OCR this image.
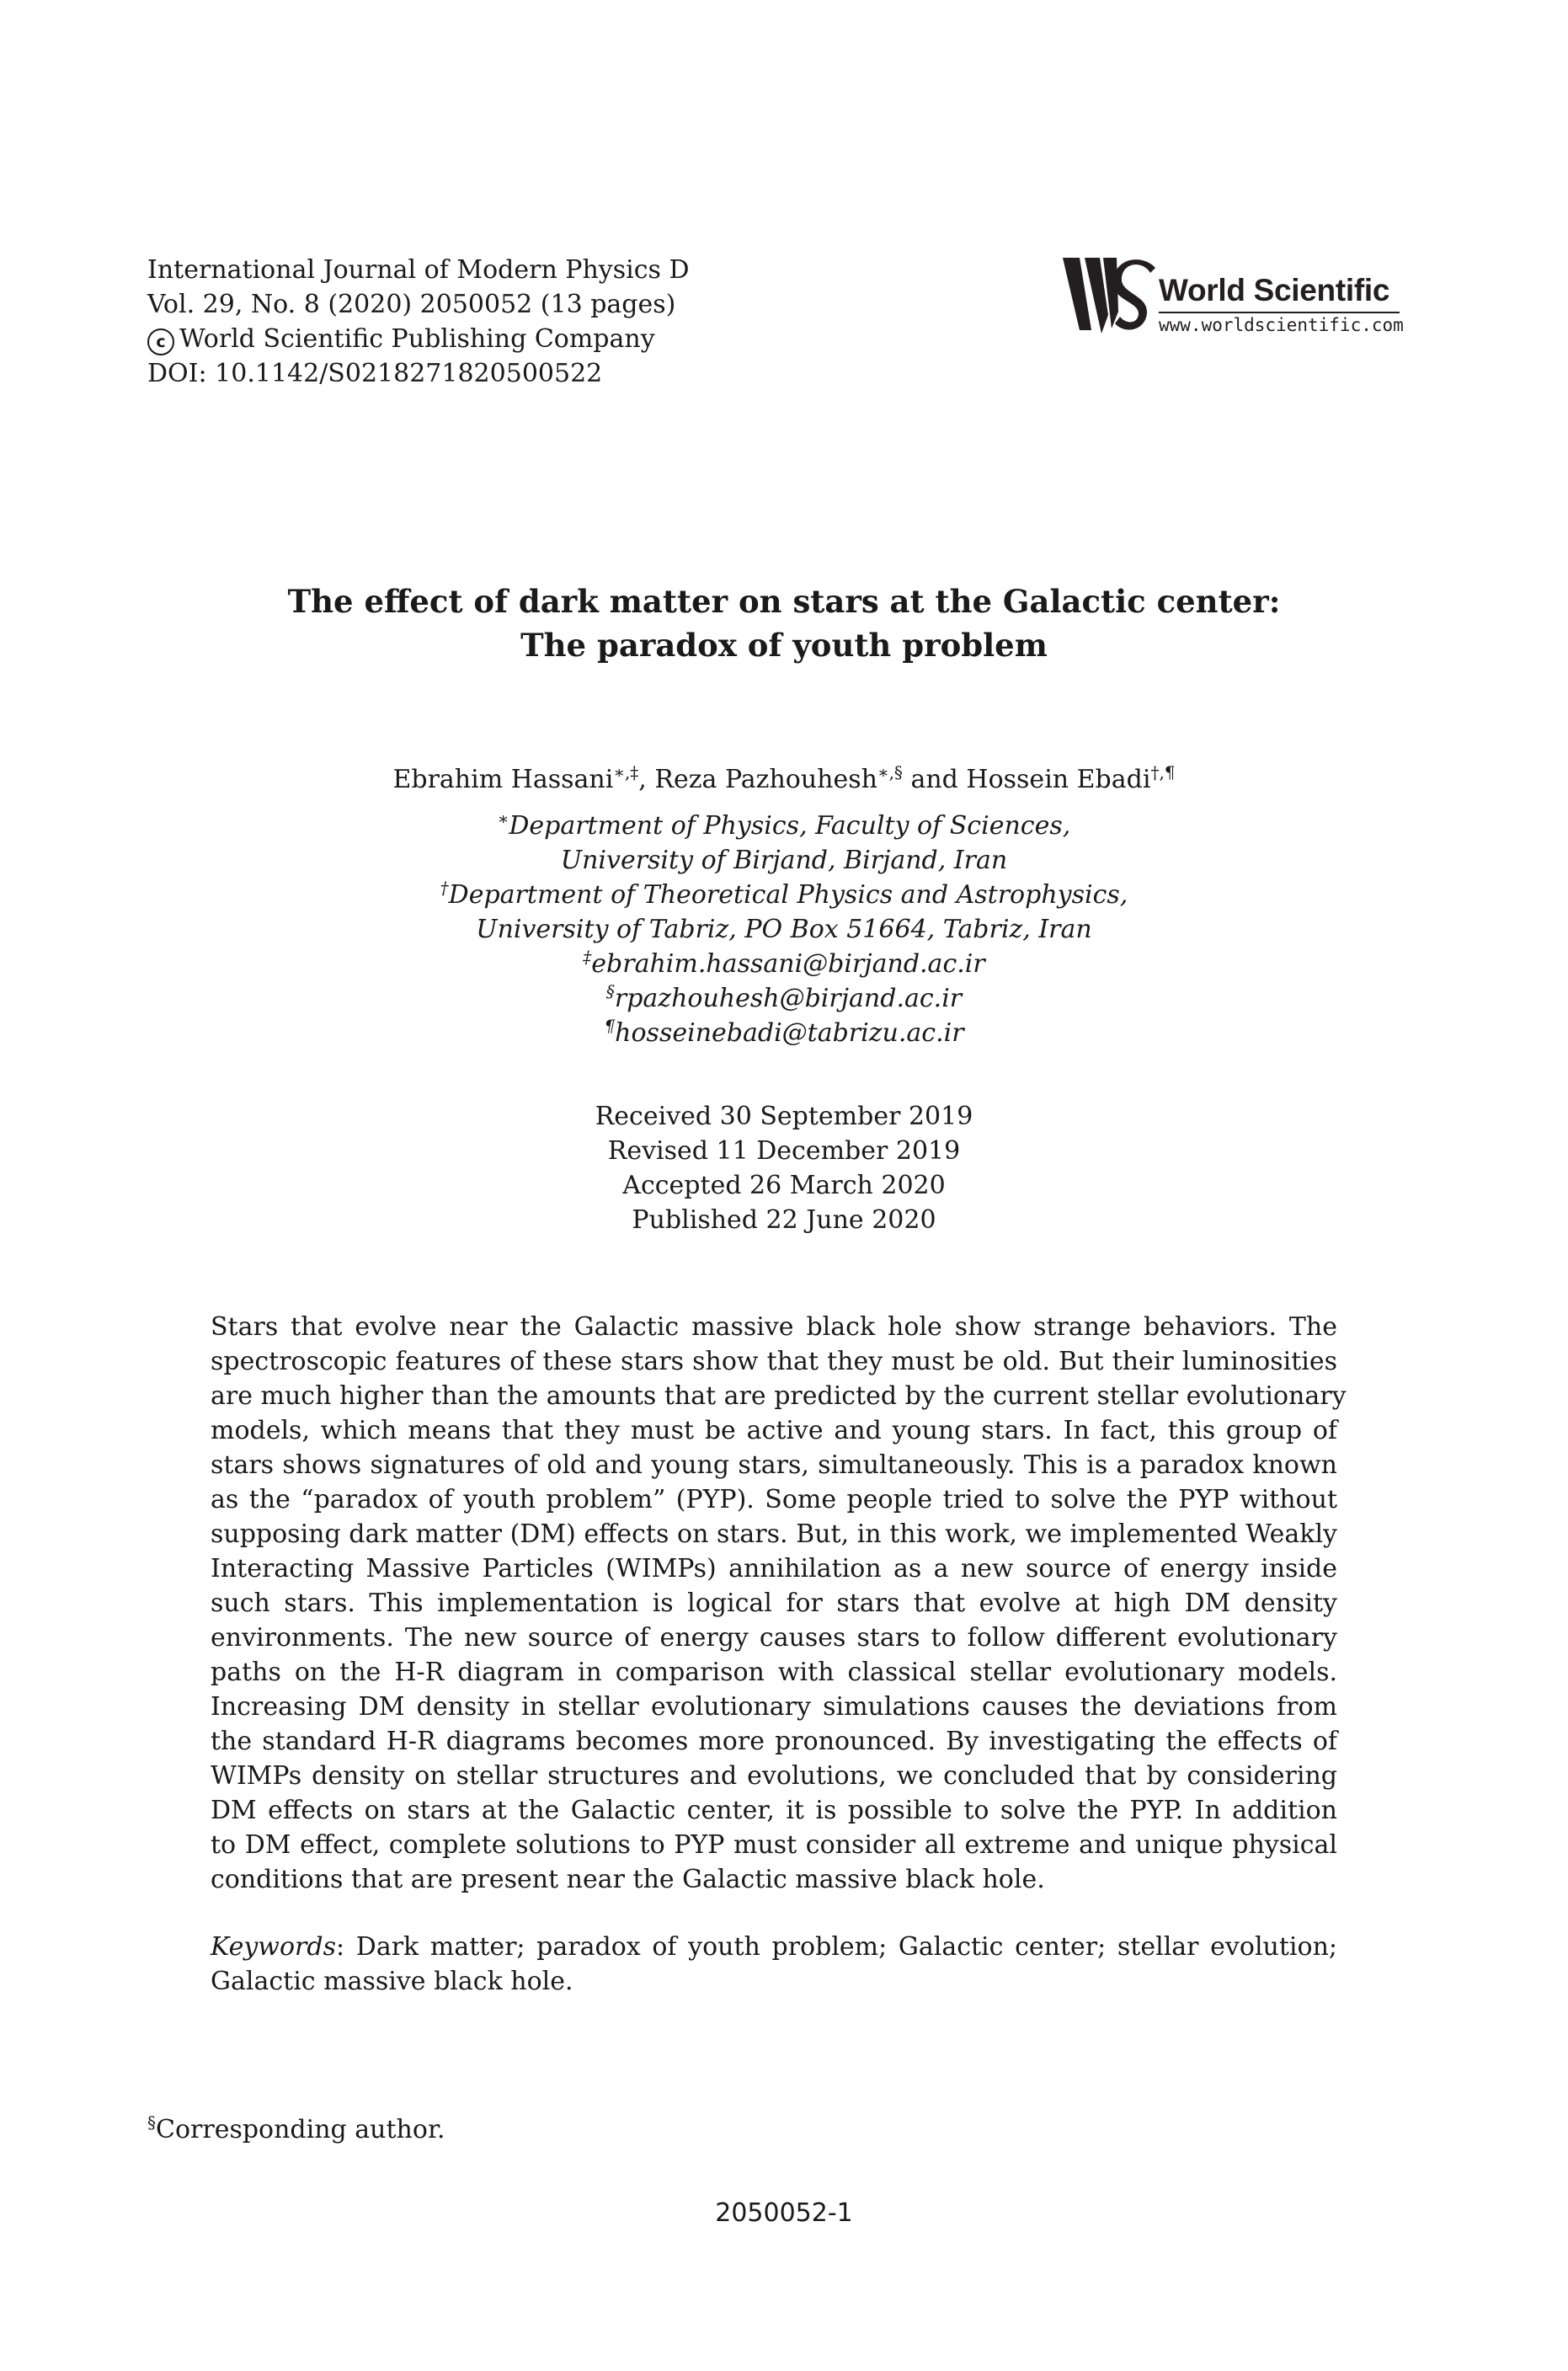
International Journal of Modern Physics D
Vol. 29, No. 8 (2020) 2050052 (13 pages)
c World Scientific Publishing Company
DOI: 10.1142/S0218271820500522
World Scientific
www.worldscientific.com
The effect of dark matter on stars at the Galactic center:
The paradox of youth problem
Ebrahim Hassani∗,‡, Reza Pazhouhesh∗,§ and Hossein Ebadi†,¶
∗Department of Physics, Faculty of Sciences,
University of Birjand, Birjand, Iran
†Department of Theoretical Physics and Astrophysics,
University of Tabriz, PO Box 51664, Tabriz, Iran
‡ebrahim.hassani@birjand.ac.ir
§rpazhouhesh@birjand.ac.ir
¶hosseinebadi@tabrizu.ac.ir
Received 30 September 2019
Revised 11 December 2019
Accepted 26 March 2020
Published 22 June 2020
Stars that evolve near the Galactic massive black hole show strange behaviors. The
spectroscopic features of these stars show that they must be old. But their luminosities
are much higher than the amounts that are predicted by the current stellar evolutionary
models, which means that they must be active and young stars. In fact, this group of
stars shows signatures of old and young stars, simultaneously. This is a paradox known
as the “paradox of youth problem” (PYP). Some people tried to solve the PYP without
supposing dark matter (DM) effects on stars. But, in this work, we implemented Weakly
Interacting Massive Particles (WIMPs) annihilation as a new source of energy inside
such stars. This implementation is logical for stars that evolve at high DM density
environments. The new source of energy causes stars to follow different evolutionary
paths on the H-R diagram in comparison with classical stellar evolutionary models.
Increasing DM density in stellar evolutionary simulations causes the deviations from
the standard H-R diagrams becomes more pronounced. By investigating the effects of
WIMPs density on stellar structures and evolutions, we concluded that by considering
DM effects on stars at the Galactic center, it is possible to solve the PYP. In addition
to DM effect, complete solutions to PYP must consider all extreme and unique physical
conditions that are present near the Galactic massive black hole.
Keywords: Dark matter; paradox of youth problem; Galactic center; stellar evolution;
Galactic massive black hole.
§Corresponding author.
2050052-1
